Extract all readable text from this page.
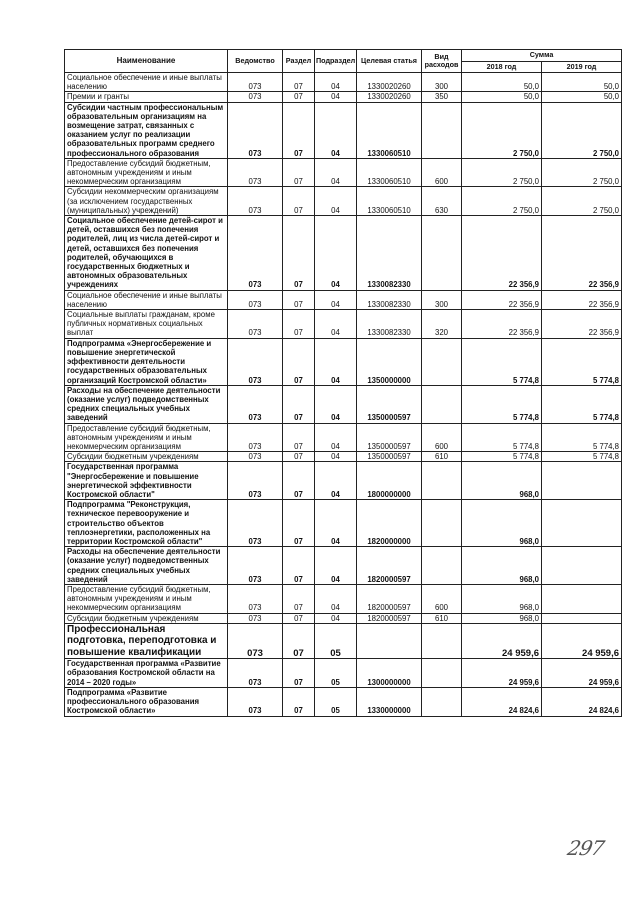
Наименование	Ведомство	Раздел	Подраздел	Целевая статья	Вид расходов	Сумма	
						2018 год	2019 год
Социальное обеспечение и иные выплаты населению	073	07	04	1330020260	300	50,0	50,0
Премии и гранты	073	07	04	1330020260	350	50,0	50,0
Субсидии частным профессиональным образовательным организациям на возмещение затрат, связанных с оказанием услуг по реализации образовательных программ среднего профессионального образования	073	07	04	1330060510		2 750,0	2 750,0
Предоставление субсидий бюджетным, автономным учреждениям и иным некоммерческим организациям	073	07	04	1330060510	600	2 750,0	2 750,0
Субсидии некоммерческим организациям (за исключением государственных (муниципальных) учреждений)	073	07	04	1330060510	630	2 750,0	2 750,0
Социальное обеспечение детей-сирот и детей, оставшихся без попечения родителей, лиц из числа детей-сирот и детей, оставшихся без попечения родителей, обучающихся в государственных бюджетных и автономных образовательных учреждениях	073	07	04	1330082330		22 356,9	22 356,9
Социальное обеспечение и иные выплаты населению	073	07	04	1330082330	300	22 356,9	22 356,9
Социальные выплаты гражданам, кроме публичных нормативных социальных выплат	073	07	04	1330082330	320	22 356,9	22 356,9
Подпрограмма «Энергосбережение и повышение энергетической эффективности деятельности государственных образовательных организаций Костромской области»	073	07	04	1350000000		5 774,8	5 774,8
Расходы на обеспечение деятельности (оказание услуг) подведомственных средних специальных учебных заведений	073	07	04	1350000597		5 774,8	5 774,8
Предоставление субсидий бюджетным, автономным учреждениям и иным некоммерческим организациям	073	07	04	1350000597	600	5 774,8	5 774,8
Субсидии бюджетным учреждениям	073	07	04	1350000597	610	5 774,8	5 774,8
Государственная программа "Энергосбережение и повышение энергетической эффективности Костромской области"	073	07	04	1800000000		968,0	
Подпрограмма "Реконструкция, техническое перевооружение и строительство объектов теплоэнергетики, расположенных на территории Костромской области"	073	07	04	1820000000		968,0	
Расходы на обеспечение деятельности (оказание услуг) подведомственных средних специальных учебных заведений	073	07	04	1820000597		968,0	
Предоставление субсидий бюджетным, автономным учреждениям и иным некоммерческим организациям	073	07	04	1820000597	600	968,0	
Субсидии бюджетным учреждениям	073	07	04	1820000597	610	968,0	
Профессиональная подготовка, переподготовка и повышение квалификации	073	07	05			24 959,6	24 959,6
Государственная программа «Развитие образования Костромской области на 2014 – 2020 годы»	073	07	05	1300000000		24 959,6	24 959,6
Подпрограмма «Развитие профессионального образования Костромской области»	073	07	05	1330000000		24 824,6	24 824,6
297
